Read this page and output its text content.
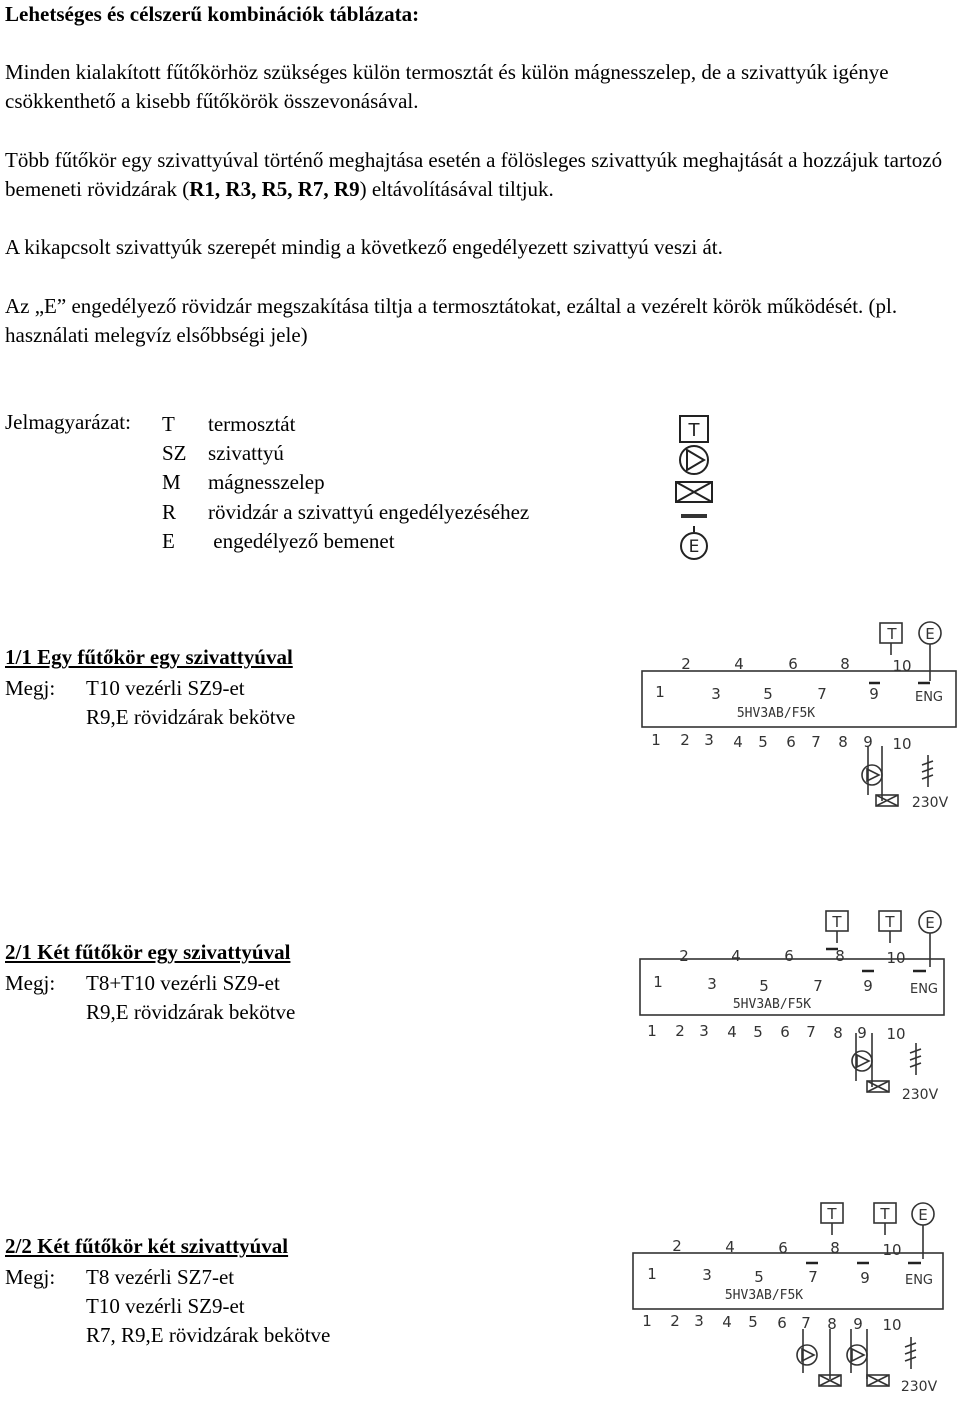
Lehetséges és célszerű kombinációk táblázata:
Minden kialakított fűtőkörhöz szükséges külön termosztát és külön mágnesszelep, de a szivattyúk igénye csökkenthető a kisebb fűtőkörök összevonásával.
Több fűtőkör egy szivattyúval történő meghajtása esetén a fölösleges szivattyúk meghajtását a hozzájuk tartozó bemeneti rövidzárak (R1, R3, R5, R7, R9) eltávolításával tiltjuk.
A kikapcsolt szivattyúk szerepét mindig a következő engedélyezett szivattyú veszi át.
Az „E” engedélyező rövidzár megszakítása tiltja a termosztátokat, ezáltal a vezérelt körök működését. (pl. használati melegvíz elsőbbségi jele)
Jelmagyarázat: T termosztát
SZ szivattyú
M mágnesszelep
R rövidzár a szivattyú engedélyezéséhez
E engedélyező bemenet
T
E
1/1 Egy fűtőkör egy szivattyúval
Megj: T10 vezérli SZ9-et
R9,E rövidzárak bekötve
2/1 Két fűtőkör egy szivattyúval
Megj: T8+T10 vezérli SZ9-et
R9,E rövidzárak bekötve
2/2 Két fűtőkör két szivattyúval
Megj: T8 vezérli SZ7-et
T10 vezérli SZ9-et
R7, R9,E rövidzárak bekötve
T E
2	4	6	8	10
1	3	5	7	9	ENG
5HV3AB/F5K
1 2 3 4 5 6 7 8 9 10
230V
T	T E
2	4	6	8	10
1	3	5	7	9	ENG
5HV3AB/F5K
1 2 3 4 5 6 7 8 9 10
230V
T	T E
2	4	6	8	10
1	3	5	7	9	ENG
5HV3AB/F5K
1 2 3 4 5 6 7 8 9 10
230V
